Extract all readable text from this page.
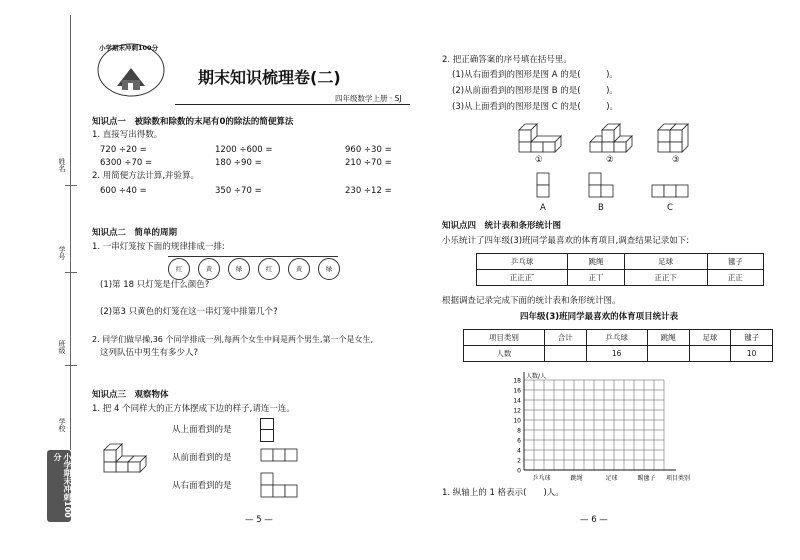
姓名
学号
班级
学校
小学期末冲刺100分
小学期末冲刺100分
期末知识梳理卷(二)
四年级数学上册 · SJ
知识点一　被除数和除数的末尾有0的除法的简便算法
1. 直接写出得数。
720 ÷20 =	1200 ÷600 =	960 ÷30 =
6300 ÷70 =	180 ÷90 =	210 ÷70 =
2. 用简便方法计算,并验算。
600 ÷40 =	350 ÷70 =	230 ÷12 =
知识点二　简单的周期
1. 一串灯笼按下面的规律排成一排:
红	黄	绿	红	黄	绿
(1)第 18 只灯笼是什么颜色?
(2)第3 只黄色的灯笼在这一串灯笼中排第几个?
2. 同学们做早操,36 个同学排成一列,每两个女生中间是两个男生,第一个是女生,
这列队伍中男生有多少人?
知识点三　观察物体
1. 把 4 个同样大的正方体摆成下边的样子,请连一连。
从上面看到的是
从前面看到的是
从右面看到的是
— 5 —
2. 把正确答案的序号填在括号里。
(1)从右面看到的图形是图 A 的是(　　　)。
(2)从前面看到的图形是图 B 的是(　　　)。
(3)从上面看到的图形是图 C 的是(　　　)。
①	②	③
A	B	C
知识点四　统计表和条形统计图
小乐统计了四年级(3)班同学最喜欢的体育项目,调查结果记录如下:
乒乓球	跳绳	足球	毽子
正正正 ̄	正丅	正正下	正正
根据调查记录完成下面的统计表和条形统计图。
四年级(3)班同学最喜欢的体育项目统计表
项目类别	合计	乒乓球	跳绳	足球	毽子
人数		16			10
0
2
4
6
8
10
12
14
16
18
人数/人
乒乓球	跳绳	足球	踢毽子 项目类别
1. 纵轴上的 1 格表示(　　)人。
— 6 —
